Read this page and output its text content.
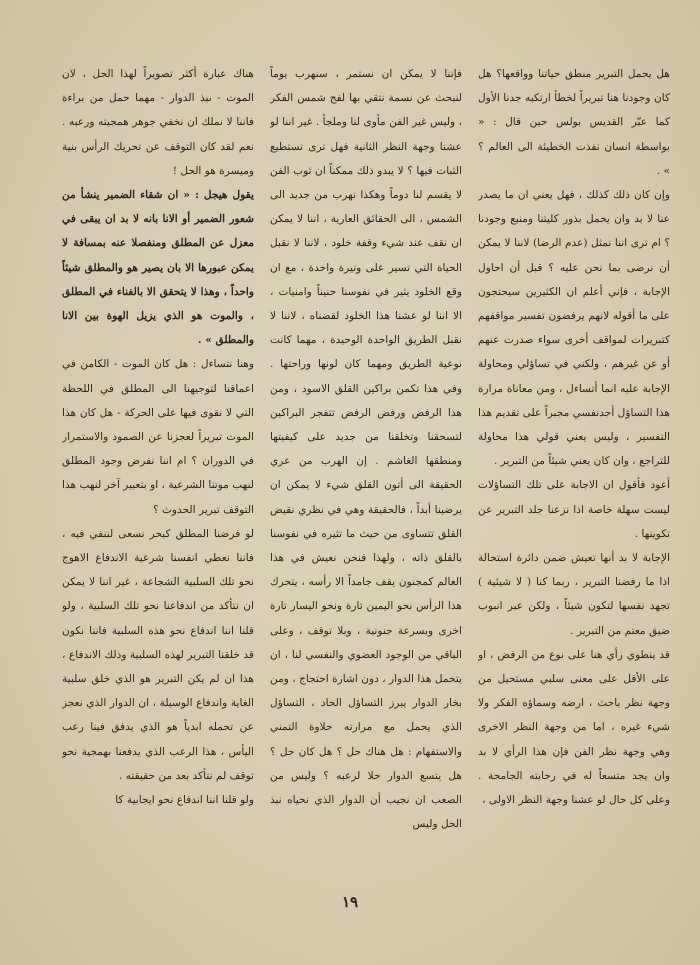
هل يحمل التبرير منطق حياتنا وواقعها؟ هل كان وجودنا هنا تبريراً لخطأ ارتكبه جدنا الأول كما عبّر القديس بولس حين قال : « بواسطة انسان نفذت الخطيئة الى العالم ؟ » .

وإن كان ذلك كذلك ، فهل يعني ان ما يصدر عنا لا بد وان يحمل بذور كليتنا ومنبع وجودنا ؟ ام ترى اننا نمثل (عدم الرضا) لاننا لا يمكن أن نرضى بما نحن عليه ؟ قبل أن احاول الإجابة ، فإني أعلم ان الكثيرين سيحتجون على ما أقوله لانهم يرفضون تفسير مواقفهم كتبريرات لمواقف أخرى سواء صدرت عنهم أو عن غيرهم ، ولكني في تساؤلي ومحاولة الإجابة عليه انما أتساءل ، ومن معاناة مرارة هذا التساؤل أجدنفسي مجبراً على تقديم هذا التفسير ، وليس يعني قولي هذا محاولة للتراجع ، وان كان يعني شيئاً من التبرير .

أعود فأقول ان الاجابة على تلك التساؤلات ليست سهلة خاصة اذا نزعنا جلد التبرير عن تكوينها .

الإجابة لا بد أنها تعيش ضمن دائرة استحالة اذا ما رفضنا التبرير ، ربما كنا ( لا شيئية ) تجهد نفسها لتكون شيئاً ، ولكن عبر انبوب ضيق معتم من التبرير .

قد ينطوي رأي هنا على نوع من الرفض ، او على الأقل على معنى سلبي مستحيل من وجهة نظر باحث ، ارضه وسماؤه الفكر ولا شيء غيره ، اما من وجهة النظر الاخرى وهي وجهة نظر الفن فإن هذا الرأي لا بد وان يجد متسعاً له في رحابته الجامحة . وعلى كل حال لو عشنا وجهة النظر الاولى ،

فإننا لا يمكن ان نستمر ، سنهرب يوماً لنبحث عن نسمة نتقي بها لفح شمس الفكر ، وليس غير الفن مأوى لنا وملجأ . غير اننا لو عشنا وجهة النظر الثانية فهل ترى تستطيع الثبات فيها ؟ لا يبدو ذلك ممكناً ان ثوب الفن لا يقسم لنا دوماً وهكذا نهرب من جديد الى الشمس ، الى الحقائق العارية ، اننا لا يمكن ان نقف عند شيء وقفة خلود ، لاننا لا نقبل الحياة التي تسير على وتيرة واحدة ، مع ان وقع الخلود يثير في نفوسنا حنيناً وامنيات ، الا اننا لو عشنا هذا الخلود لقضناه ، لاننا لا نقبل الطريق الواحدة الوحيدة ، مهما كانت نوعية الطريق ومهما كان لونها وراحتها . وفي هذا تكمن براكين القلق الاسود ، ومن هذا الرفض ورفض الرفض تتفجر البراكين لتسحقنا وتخلقنا من جديد على كيفيتها ومنطقها الغاشم . إن الهرب من عري الحقيقة الى أتون القلق شيء لا يمكن ان يرضينا أبداً ، فالحقيقة وهي في نظري نقيض القلق تتساوى من حيث ما تثيره في نفوسنا بالقلق ذاته ، ولهذا فنحن نعيش في هذا العالم كمجنون يقف جامداً الا رأسه ، يتحرك هذا الرأس نحو اليمين تارة ونحو اليسار تارة اخرى وبسرعة جنونية ، وبلا توقف ، وعلى الباقي من الوجود العضوي والنفسي لنا ، ان يتحمل هذا الدوار ، دون اشارة احتجاج ، ومن بخار الدوار يبرز التساؤل الحاد ، التساؤل الذي يحمل مع مرارته حلاوة التمني والاستفهام : هل هناك حل ؟ هل كان حل ؟ هل يتسع الدوار حلا لرعبه ؟ وليس من الصعب ان نجيب أن الدوار الذي نحياه نبذ الحل وليس

هناك عبارة أكثر تصويراً لهذا الحل ، لان الموت - نبذ الدوار - مهما حمل من براءة فاننا لا نملك ان نخفي جوهر همجيته ورعبه . نعم لقد كان التوقف عن تحريك الرأس بنية وميسرة هو الحل !

يقول هيجل : « ان شقاء الضمير ينشأ من شعور الضمير أو الانا بانه لا بد ان يبقى في معزل عن المطلق ومنفصلا عنه بمسافة لا يمكن عبورها الا بان يصير هو والمطلق شيئاً واحداً ، وهذا لا يتحقق الا بالفناء في المطلق ، والموت هو الذي يزيل الهوة بين الانا والمطلق » .

وهنا نتساءل : هل كان الموت - الكامن في اعماقنا لتوجيهنا الى المطلق في اللحظة التي لا نقوى فيها على الحركة - هل كان هذا الموت تبريراً لعجزنا عن الصمود والاستمرار في الدوران ؟ ام اننا نفرض وجود المطلق لنهب موتنا الشرعية ، او بتعبير آخر لنهب هذا التوقف تبرير الحدوث ؟

لو فرضنا المطلق كبحر نسعى لننفي فيه ، فاننا نعطي انفسنا شرعية الاندفاع الاهوج نحو تلك السلبية الشجاعة ، غير اننا لا يمكن ان نتأكد من اندفاعنا نحو تلك السلبية ، ولو قلنا اننا اندفاع نحو هذه السلبية فاننا نكون قد خلقنا التبرير لهذه السلبية وذلك الاندفاع ، هذا ان لم يكن التبرير هو الذي خلق سلبية الغاية واندفاع الوسيلة ، ان الدوار الذي نعجز عن تحمله ابدياً هو الذي يدفق فينا رعب اليأس ، هذا الرعب الذي يدفعنا بهمجية نحو توقف لم نتأكد بعد من حقيقته .

ولو قلنا اننا اندفاع نحو ايجابية كا

١٩
